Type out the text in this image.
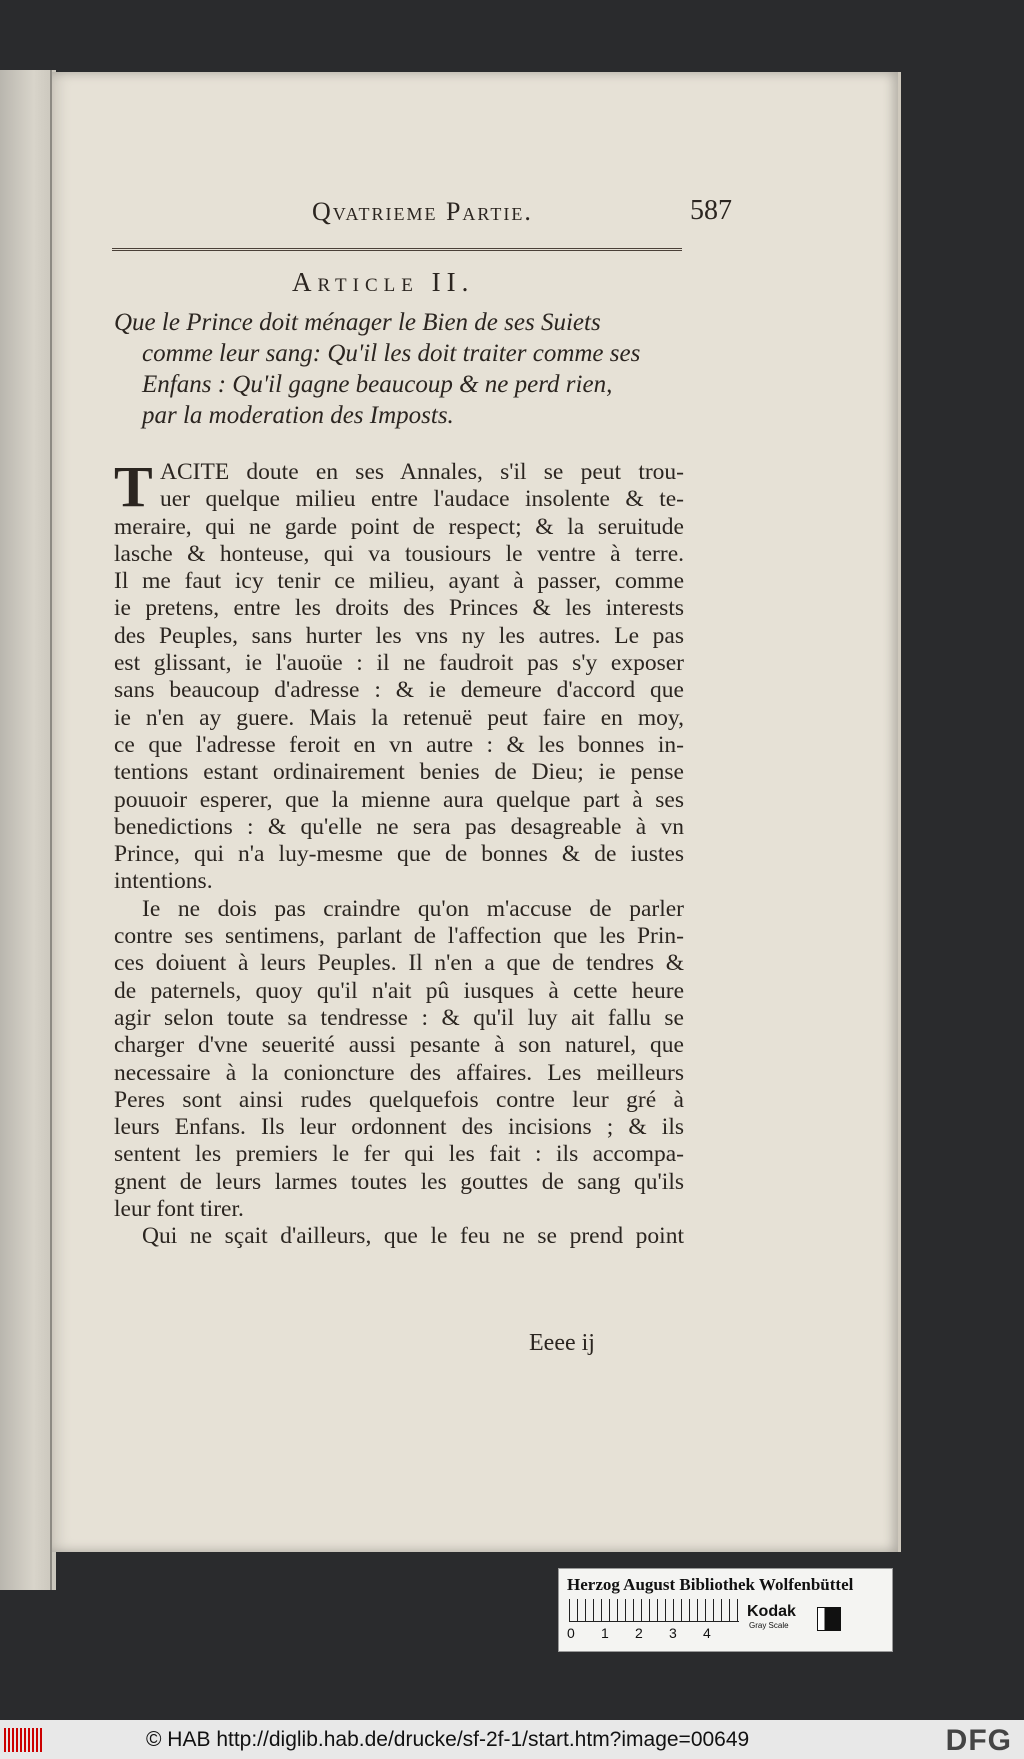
Qvatrieme Partie.	587
Article II.
Que le Prince doit ménager le Bien de ses Suiets
comme leur sang: Qu'il les doit traiter comme ses
Enfans : Qu'il gagne beaucoup & ne perd rien,
par la moderation des Imposts.
T ACITE doute en ses Annales, s'il se peut trou-
uer quelque milieu entre l'audace insolente & te-
meraire, qui ne garde point de respect; & la seruitude
lasche & honteuse, qui va tousiours le ventre à terre.
Il me faut icy tenir ce milieu, ayant à passer, comme
ie pretens, entre les droits des Princes & les interests
des Peuples, sans hurter les vns ny les autres. Le pas
est glissant, ie l'auoüe : il ne faudroit pas s'y exposer
sans beaucoup d'adresse : & ie demeure d'accord que
ie n'en ay guere. Mais la retenuë peut faire en moy,
ce que l'adresse feroit en vn autre : & les bonnes in-
tentions estant ordinairement benies de Dieu; ie pense
pouuoir esperer, que la mienne aura quelque part à ses
benedictions : & qu'elle ne sera pas desagreable à vn
Prince, qui n'a luy-mesme que de bonnes & de iustes
intentions.
Ie ne dois pas craindre qu'on m'accuse de parler
contre ses sentimens, parlant de l'affection que les Prin-
ces doiuent à leurs Peuples. Il n'en a que de tendres &
de paternels, quoy qu'il n'ait pû iusques à cette heure
agir selon toute sa tendresse : & qu'il luy ait fallu se
charger d'vne seuerité aussi pesante à son naturel, que
necessaire à la conioncture des affaires. Les meilleurs
Peres sont ainsi rudes quelquefois contre leur gré à
leurs Enfans. Ils leur ordonnent des incisions ; & ils
sentent les premiers le fer qui les fait : ils accompa-
gnent de leurs larmes toutes les gouttes de sang qu'ils
leur font tirer.
Qui ne sçait d'ailleurs, que le feu ne se prend point
Eeee ij
Herzog August Bibliothek Wolfenbüttel
0 1 2 3 4
Kodak
Gray Scale
© HAB http://diglib.hab.de/drucke/sf-2f-1/start.htm?image=00649	DFG
